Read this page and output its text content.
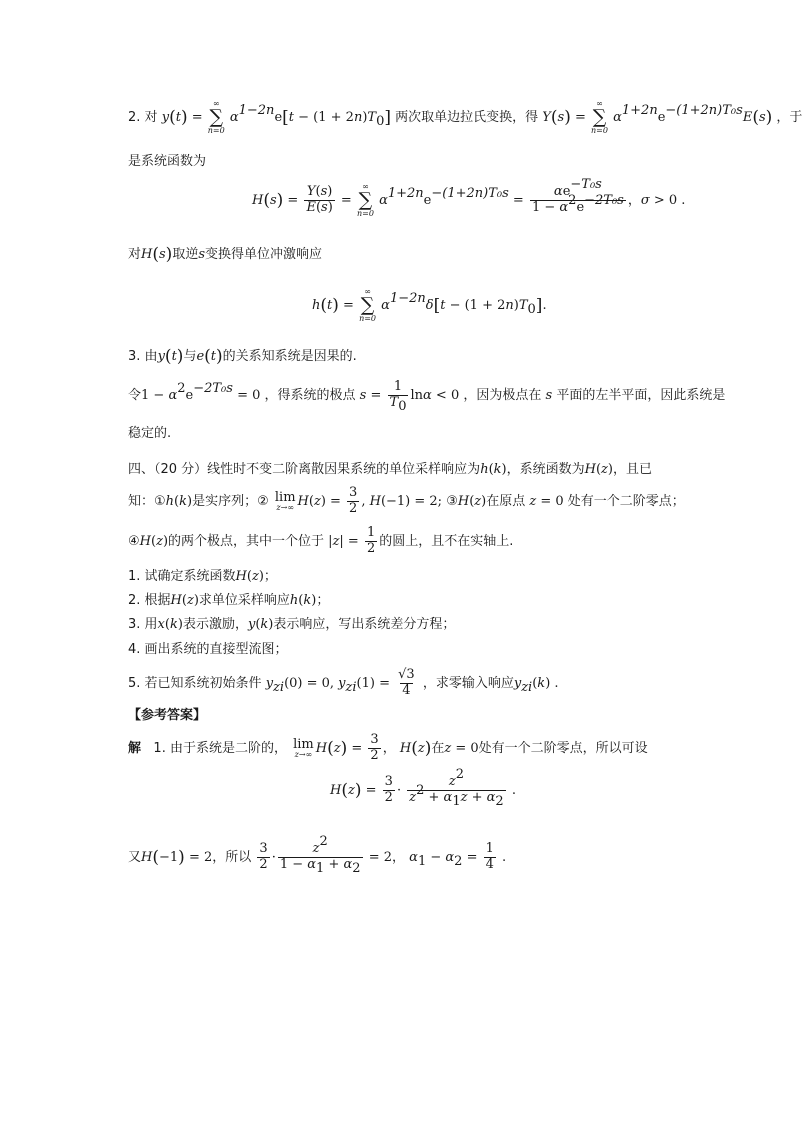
2. 对 y(t) =
∞
∑
n=0
$\alpha^{1-2n}e[t - (1 + 2n)T_0]$ 两次取单边拉氏变换，得 Y(s) =
∞
∑
n=0
$\alpha^{1+2n}e^{-(1+2n)T_0s}E(s)$ ，于
是系统函数为
$H(s) = \frac{Y(s)}{E(s)}$ =
∞
∑
n=0
$\alpha^{1+2n}e^{-(1+2n)T_0s} = \frac{\alpha e^{-T_0s}}{1 - \alpha^2e^{-2T_0s}}$ ，σ > 0 .
对H(s)取逆s变换得单位冲激响应
h(t) =
∞
∑
n=0
$\alpha^{1-2n}\delta[t - (1 + 2n)T_0]$.
3. 由y(t)与e(t)的关系知系统是因果的.
令$1 - \alpha^2e^{-2T_0s} = 0$ ，得系统的极点 $s = \frac{1}{T_0}$ lnα < 0 ，因为极点在 s 平面的左半平面，因此系统是
稳定的.
四、（20 分）线性时不变二阶离散因果系统的单位采样响应为h(k)，系统函数为H(z)，且已
知：①h(k)是实序列；② lim
z→∞ $H(z) = \frac{3}{2}$ , H(−1) = 2; ③H(z)在原点 z = 0 处有一个二阶零点；
④H(z)的两个极点，其中一个位于 $|z| = \frac{1}{2}$ 的圆上，且不在实轴上.
1. 试确定系统函数H(z)；
2. 根据H(z)求单位采样响应h(k)；
3. 用x(k)表示激励，y(k)表示响应，写出系统差分方程；
4. 画出系统的直接型流图；
5. 若已知系统初始条件 $y_{zi}(0) = 0$, $y_{zi}(1) = \frac{√3}{4}$ ，求零输入响应$y_{zi}(k)$ .
【参考答案】
解 1. 由于系统是二阶的， lim
z→∞ $H(z) = \frac{3}{2}$ ， H(z)在z = 0处有一个二阶零点，所以可设
$H(z) = \frac{3}{2} \cdot \frac{z^2}{z^2 + \alpha_1z + \alpha_2}$ .
又H(−1) = 2，所以 $\frac{3}{2} \cdot \frac{z^2}{1 - \alpha_1 + \alpha_2} = 2$， $\alpha_1 - \alpha_2 = \frac{1}{4}$ .
